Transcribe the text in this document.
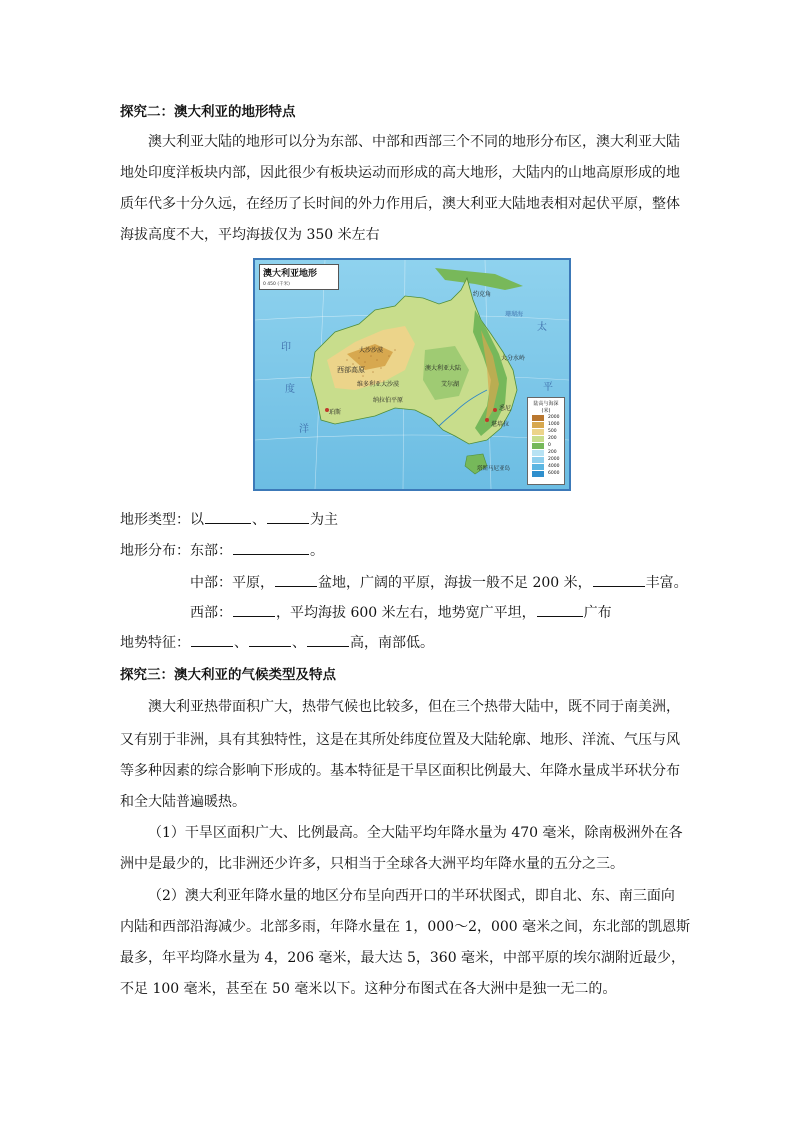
探究二：澳大利亚的地形特点
澳大利亚大陆的地形可以分为东部、中部和西部三个不同的地形分布区，澳大利亚大陆
地处印度洋板块内部，因此很少有板块运动而形成的高大地形，大陆内的山地高原形成的地
质年代多十分久远，在经历了长时间的外力作用后，澳大利亚大陆地表相对起伏平原，整体
海拔高度不大，平均海拔仅为 350 米左右
印度洋
太平
西部高原
大沙沙漠
维多利亚大沙漠
澳大利亚大陆
大分水岭
纳拉伯平原
珀斯
悉尼
堪培拉
塔斯马尼亚岛
珊瑚海
约克角
艾尔湖
澳大利亚地形
0 450 (千米)
陆高与海深(米)
2000
1000
500
200
0
200
2000
4000
6000
地形类型：以	、	为主
地形分布：东部：	。
中部：平原，	盆地，广阔的平原，海拔一般不足 200 米，	丰富。
西部：	，平均海拔 600 米左右，地势宽广平坦，	广布
地势特征：	、	、	高，南部低。
探究三：澳大利亚的气候类型及特点
澳大利亚热带面积广大，热带气候也比较多，但在三个热带大陆中，既不同于南美洲，
又有别于非洲，具有其独特性，这是在其所处纬度位置及大陆轮廓、地形、洋流、气压与风
等多种因素的综合影响下形成的。基本特征是干旱区面积比例最大、年降水量成半环状分布
和全大陆普遍暖热。
（1）干旱区面积广大、比例最高。全大陆平均年降水量为 470 毫米，除南极洲外在各
洲中是最少的，比非洲还少许多，只相当于全球各大洲平均年降水量的五分之三。
（2）澳大利亚年降水量的地区分布呈向西开口的半环状图式，即自北、东、南三面向
内陆和西部沿海减少。北部多雨，年降水量在 1，000～2，000 毫米之间，东北部的凯恩斯
最多，年平均降水量为 4，206 毫米，最大达 5，360 毫米，中部平原的埃尔湖附近最少，
不足 100 毫米，甚至在 50 毫米以下。这种分布图式在各大洲中是独一无二的。
